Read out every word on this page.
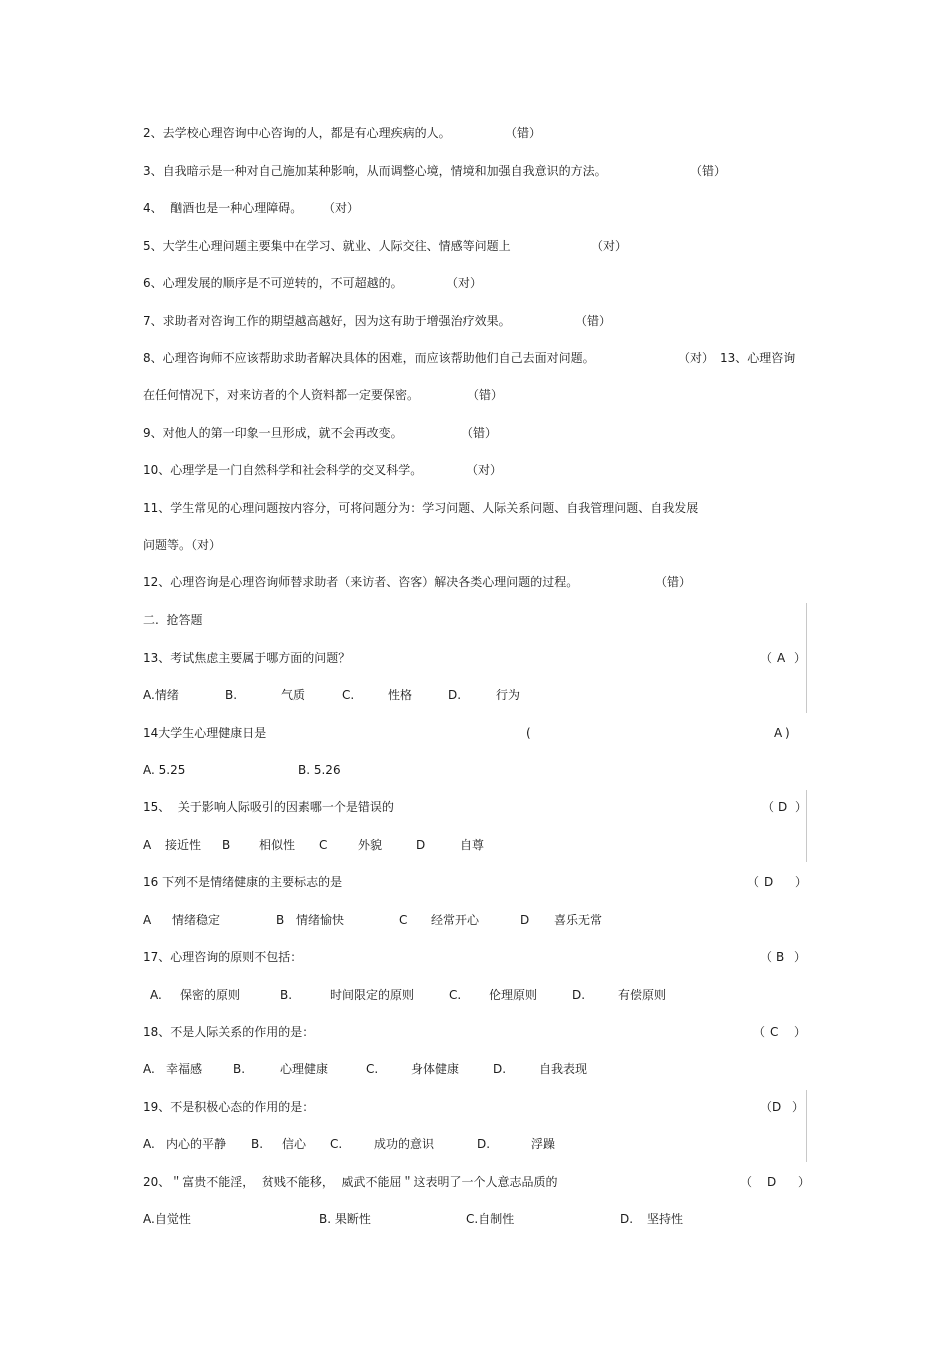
2、去学校心理咨询中心咨询的人，都是有心理疾病的人。	（错）
3、自我暗示是一种对自己施加某种影响，从而调整心境，情境和加强自我意识的方法。	（错）
4、  酗酒也是一种心理障碍。 （对）
5、大学生心理问题主要集中在学习、就业、人际交往、情感等问题上	（对）
6、心理发展的顺序是不可逆转的，不可超越的。	（对）
7、求助者对咨询工作的期望越高越好，因为这有助于增强治疗效果。	（错）
8、心理咨询师不应该帮助求助者解决具体的困难，而应该帮助他们自己去面对问题。	（对） 13、心理咨询
在任何情况下，对来访者的个人资料都一定要保密。	（错）
9、对他人的第一印象一旦形成，就不会再改变。	（错）
10、心理学是一门自然科学和社会科学的交叉科学。	（对）
11、学生常见的心理问题按内容分，可将问题分为：学习问题、人际关系问题、自我管理问题、自我发展
问题等。（对）
12、心理咨询是心理咨询师替求助者（来访者、咨客）解决各类心理问题的过程。	（错）
二.  抢答题
13、考试焦虑主要属于哪方面的问题？	（ A ）
A.情绪	B.	气质	C.	性格	D.	行为
14大学生心理健康日是	(	A )
A. 5.25	B. 5.26
15、  关于影响人际吸引的因素哪一个是错误的	（ D ）
A 接近性 B 相似性 C	外貌	D	自尊
16 下列不是情绪健康的主要标志的是	（ D ）
A 情绪稳定	B 情绪愉快	C 经常开心	D 喜乐无常
17、心理咨询的原则不包括：	（ B ）
A. 保密的原则	B.	时间限定的原则	C. 伦理原则	D.	有偿原则
18、不是人际关系的作用的是：	（ C ）
A. 幸福感	B.	心理健康	C.	身体健康	D.	自我表现
19、不是积极心态的作用的是：	（ D ）
A. 内心的平静 B. 信心 C.	成功的意识	D.	浮躁
20、＂富贵不能淫，  贫贱不能移，  威武不能屈＂这表明了一个人意志品质的	（ D ）
A.自觉性	B. 果断性	C.自制性	D. 坚持性
